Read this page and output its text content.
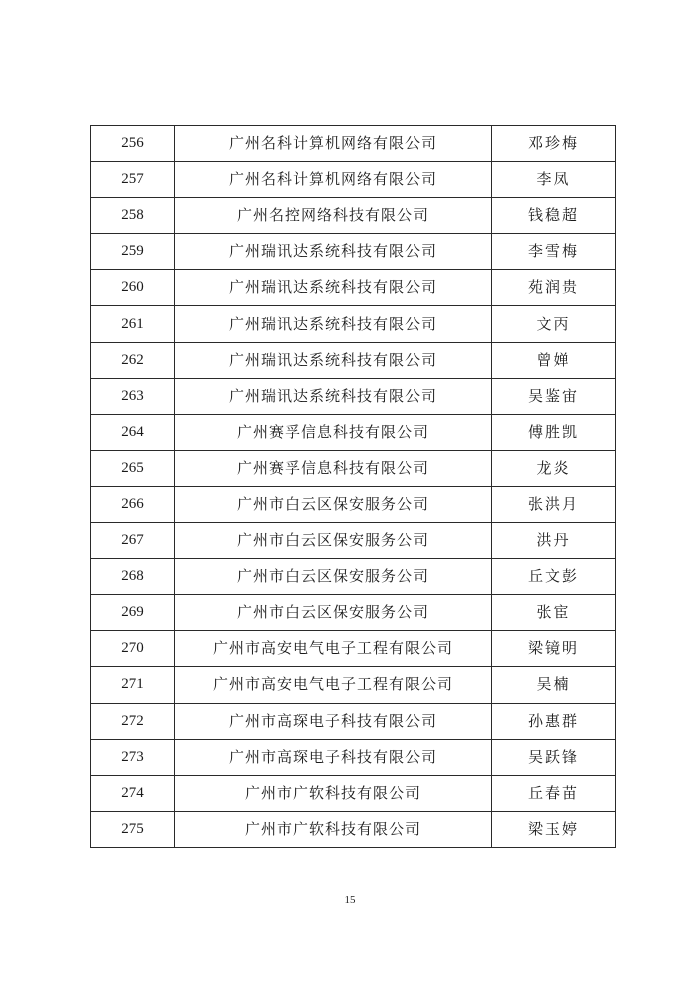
256	广州名科计算机网络有限公司	邓珍梅
257	广州名科计算机网络有限公司	李凤
258	广州名控网络科技有限公司	钱稳超
259	广州瑞讯达系统科技有限公司	李雪梅
260	广州瑞讯达系统科技有限公司	苑润贵
261	广州瑞讯达系统科技有限公司	文丙
262	广州瑞讯达系统科技有限公司	曾婵
263	广州瑞讯达系统科技有限公司	吴鉴宙
264	广州赛孚信息科技有限公司	傅胜凯
265	广州赛孚信息科技有限公司	龙炎
266	广州市白云区保安服务公司	张洪月
267	广州市白云区保安服务公司	洪丹
268	广州市白云区保安服务公司	丘文彭
269	广州市白云区保安服务公司	张宦
270	广州市高安电气电子工程有限公司	梁镜明
271	广州市高安电气电子工程有限公司	吴楠
272	广州市高琛电子科技有限公司	孙惠群
273	广州市高琛电子科技有限公司	吴跃锋
274	广州市广软科技有限公司	丘春苗
275	广州市广软科技有限公司	梁玉婷
15
